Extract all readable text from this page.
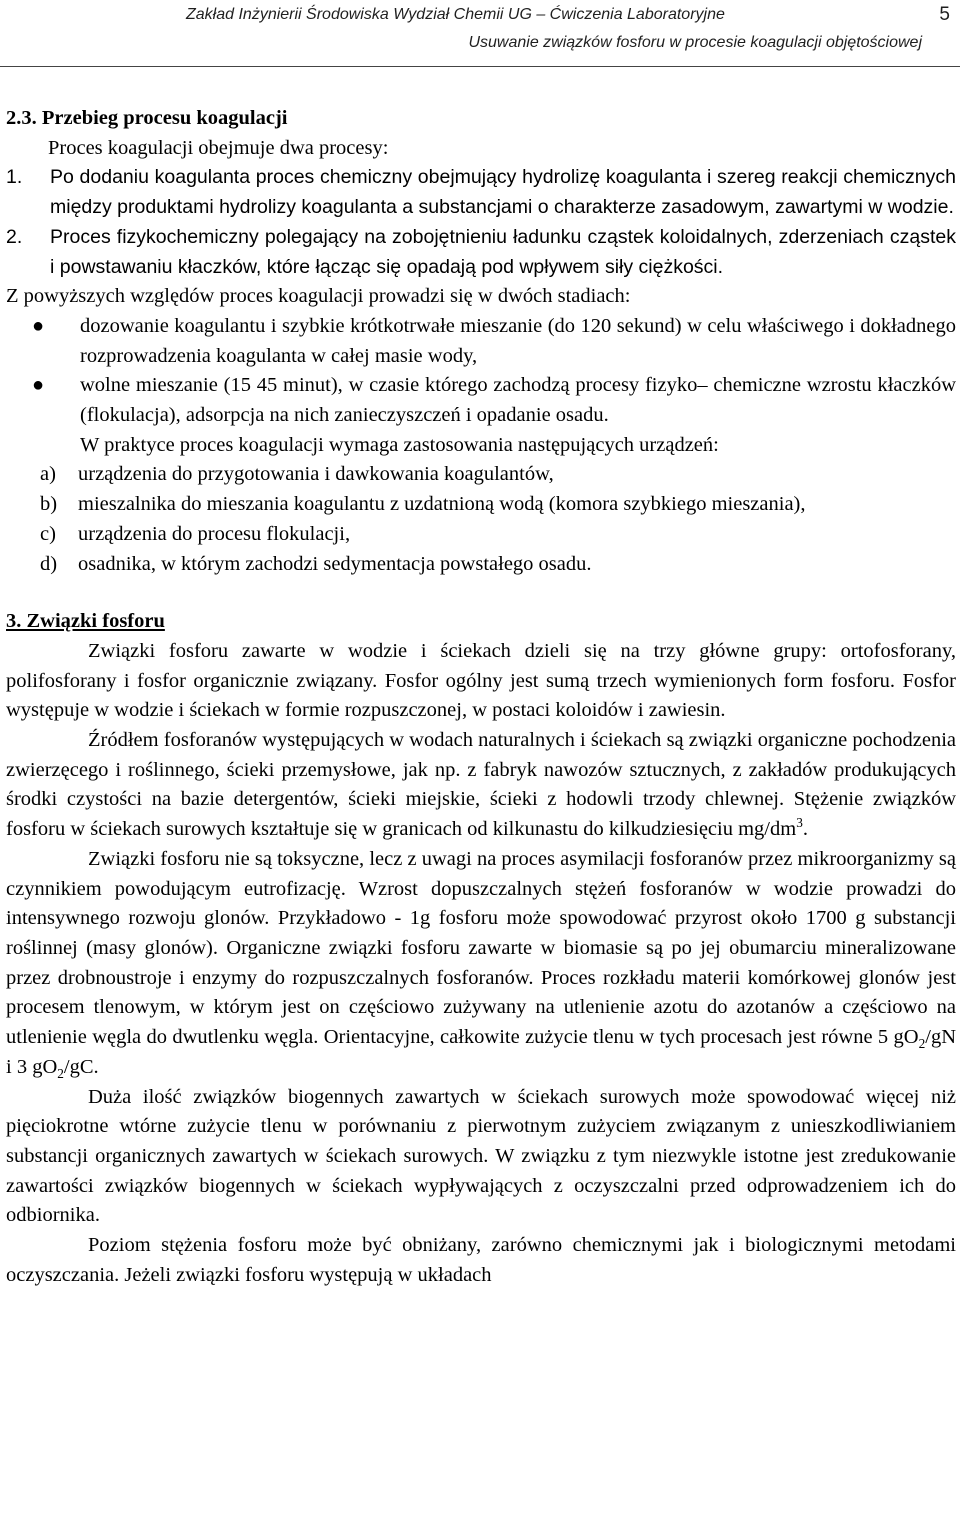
Zakład Inżynierii Środowiska Wydział Chemii UG – Ćwiczenia Laboratoryjne	5
Usuwanie związków fosforu w procesie koagulacji objętościowej
2.3. Przebieg procesu koagulacji
Proces koagulacji obejmuje dwa procesy:
1.	Po dodaniu koagulanta proces chemiczny obejmujący hydrolizę koagulanta i szereg reakcji chemicznych między produktami hydrolizy koagulanta a substancjami o charakterze zasadowym, zawartymi w wodzie.
2.	Proces fizykochemiczny polegający na zobojętnieniu ładunku cząstek koloidalnych, zderzeniach cząstek i powstawaniu kłaczków, które łącząc się opadają pod wpływem siły ciężkości.
Z powyższych względów proces koagulacji prowadzi się w dwóch stadiach:
●	dozowanie koagulantu i szybkie krótkotrwałe mieszanie (do 120 sekund) w celu właściwego i dokładnego rozprowadzenia koagulanta w całej masie wody,
●	wolne mieszanie (15 45 minut), w czasie którego zachodzą procesy fizyko– chemiczne wzrostu kłaczków (flokulacja), adsorpcja na nich zanieczyszczeń i opadanie osadu.
W praktyce proces koagulacji wymaga zastosowania następujących urządzeń:
a)	urządzenia do przygotowania i dawkowania koagulantów,
b)	mieszalnika do mieszania koagulantu z uzdatnioną wodą (komora szybkiego mieszania),
c)	urządzenia do procesu flokulacji,
d)	osadnika, w którym zachodzi sedymentacja powstałego osadu.
3. Związki fosforu
Związki fosforu zawarte w wodzie i ściekach dzieli się na trzy główne grupy: ortofosforany, polifosforany i fosfor organicznie związany. Fosfor ogólny jest sumą trzech wymienionych form fosforu. Fosfor występuje w wodzie i ściekach w formie rozpuszczonej, w postaci koloidów i zawiesin.
Źródłem fosforanów występujących w wodach naturalnych i ściekach są związki organiczne pochodzenia zwierzęcego i roślinnego, ścieki przemysłowe, jak np. z fabryk nawozów sztucznych, z zakładów produkujących środki czystości na bazie detergentów, ścieki miejskie, ścieki z hodowli trzody chlewnej. Stężenie związków fosforu w ściekach surowych kształtuje się w granicach od kilkunastu do kilkudziesięciu $mg/dm^3$.
Związki fosforu nie są toksyczne, lecz z uwagi na proces asymilacji fosforanów przez mikroorganizmy są czynnikiem powodującym eutrofizację. Wzrost dopuszczalnych stężeń fosforanów w wodzie prowadzi do intensywnego rozwoju glonów. Przykładowo - 1g fosforu może spowodować przyrost około 1700 g substancji roślinnej (masy glonów). Organiczne związki fosforu zawarte w biomasie są po jej obumarciu mineralizowane przez drobnoustroje i enzymy do rozpuszczalnych fosforanów. Proces rozkładu materii komórkowej glonów jest procesem tlenowym, w którym jest on częściowo zużywany na utlenienie azotu do azotanów a częściowo na utlenienie węgla do dwutlenku węgla. Orientacyjne, całkowite zużycie tlenu w tych procesach jest równe 5 $gO_2/gN$ i 3 $gO_2/gC$.
Duża ilość związków biogennych zawartych w ściekach surowych może spowodować więcej niż pięciokrotne wtórne zużycie tlenu w porównaniu z pierwotnym zużyciem związanym z unieszkodliwianiem substancji organicznych zawartych w ściekach surowych. W związku z tym niezwykle istotne jest zredukowanie zawartości związków biogennych w ściekach wypływających z oczyszczalni przed odprowadzeniem ich do odbiornika.
Poziom stężenia fosforu może być obniżany, zarówno chemicznymi jak i biologicznymi metodami oczyszczania. Jeżeli związki fosforu występują w układach
